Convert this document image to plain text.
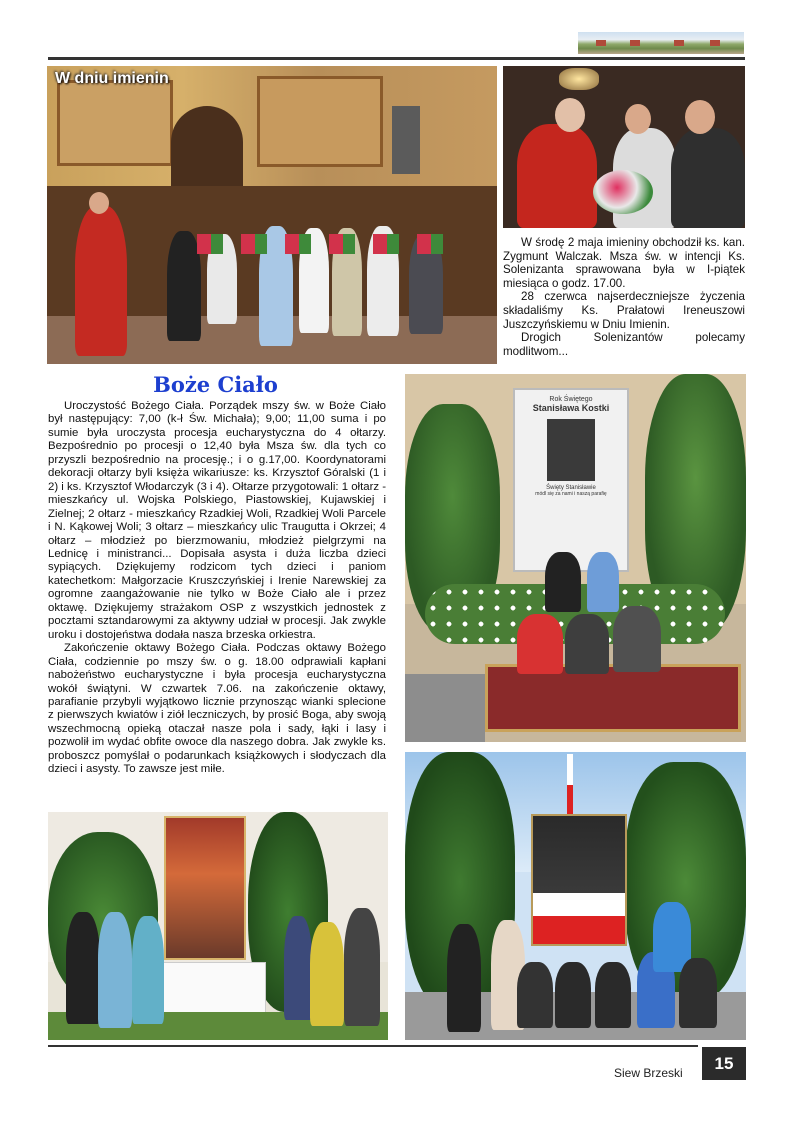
W dniu imienin

W środę 2 maja imieniny obchodził ks. kan. Zygmunt Walczak. Msza św. w intencji Ks. Solenizanta sprawowana była w I-piątek miesiąca o godz. 17.00.

28 czerwca najserdeczniejsze życzenia składaliśmy Ks. Prałatowi Ireneuszowi Juszczyńskiemu w Dniu Imienin.

Drogich Solenizantów polecamy modlitwom...

Boże Ciało

Uroczystość Bożego Ciała. Porządek mszy św. w Boże Ciało był następujący: 7,00 (k-ł Św. Michała); 9,00; 11,00 suma i po sumie była uroczysta procesja eucharystyczna do 4 ołtarzy. Bezpośrednio po procesji o 12,40 była Msza św. dla tych co przyszli bezpośrednio na procesję.; i o g.17,00. Koordynatorami dekoracji ołtarzy byli księża wikariusze: ks. Krzysztof Góralski (1 i 2) i ks. Krzysztof Włodarczyk (3 i 4). Ołtarze przygotowali: 1 ołtarz - mieszkańcy ul. Wojska Polskiego, Piastowskiej, Kujawskiej i Zielnej; 2 ołtarz - mieszkańcy Rzadkiej Woli, Rzadkiej Woli Parcele i N. Kąkowej Woli; 3 ołtarz – mieszkańcy ulic Traugutta i Okrzei; 4 ołtarz – młodzież po bierzmowaniu, młodzież pielgrzymi na Lednicę i ministranci... Dopisała asysta i duża liczba dzieci sypiących. Dziękujemy rodzicom tych dzieci i paniom katechetkom: Małgorzacie Kruszczyńskiej i Irenie Narewskiej za ogromne zaangażowanie nie tylko w Boże Ciało ale i przez oktawę. Dziękujemy strażakom OSP z wszystkich jednostek z pocztami sztandarowymi za aktywny udział w procesji. Jak zwykle uroku i dostojeństwa dodała nasza brzeska orkiestra.

Zakończenie oktawy Bożego Ciała. Podczas oktawy Bożego Ciała, codziennie po mszy św. o g. 18.00 odprawiali kapłani nabożeństwo eucharystyczne i była procesja eucharystyczna wokół świątyni. W czwartek 7.06. na zakończenie oktawy, parafianie przybyli wyjątkowo licznie przynosząc wianki splecione z pierwszych kwiatów i ziół leczniczych, by prosić Boga, aby swoją wszechmocną opieką otaczał nasze pola i sady, łąki i lasy i pozwolił im wydać obfite owoce dla naszego dobra. Jak zwykle ks. proboszcz pomyślał o podarunkach książkowych i słodyczach dla dzieci i asysty. To zawsze jest miłe.

Rok Świętego
Stanisława Kostki
Święty Stanisławie
módl się za nami i naszą parafię
Siew Brzeski	15
